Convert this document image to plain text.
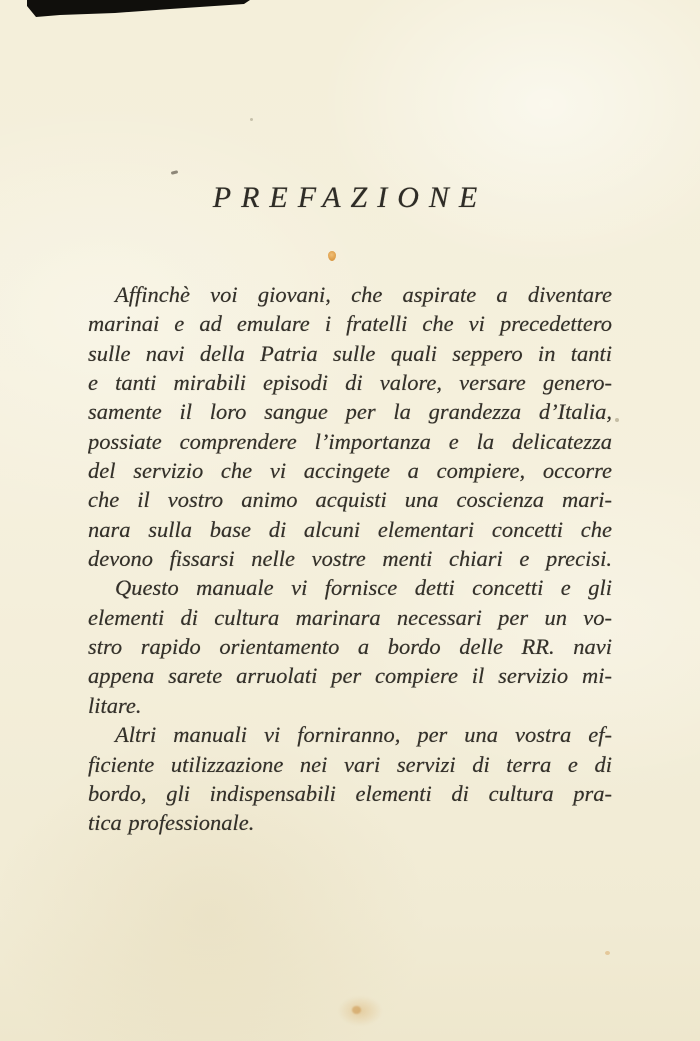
PREFAZIONE
Affinchè voi giovani, che aspirate a diventare
marinai e ad emulare i fratelli che vi precedettero
sulle navi della Patria sulle quali seppero in tanti
e tanti mirabili episodi di valore, versare genero-
samente il loro sangue per la grandezza d’Italia,
possiate comprendere l’importanza e la delicatezza
del servizio che vi accingete a compiere, occorre
che il vostro animo acquisti una coscienza mari-
nara sulla base di alcuni elementari concetti che
devono fissarsi nelle vostre menti chiari e precisi.
Questo manuale vi fornisce detti concetti e gli
elementi di cultura marinara necessari per un vo-
stro rapido orientamento a bordo delle RR. navi
appena sarete arruolati per compiere il servizio mi-
litare.
Altri manuali vi forniranno, per una vostra ef-
ficiente utilizzazione nei vari servizi di terra e di
bordo, gli indispensabili elementi di cultura pra-
tica professionale.
